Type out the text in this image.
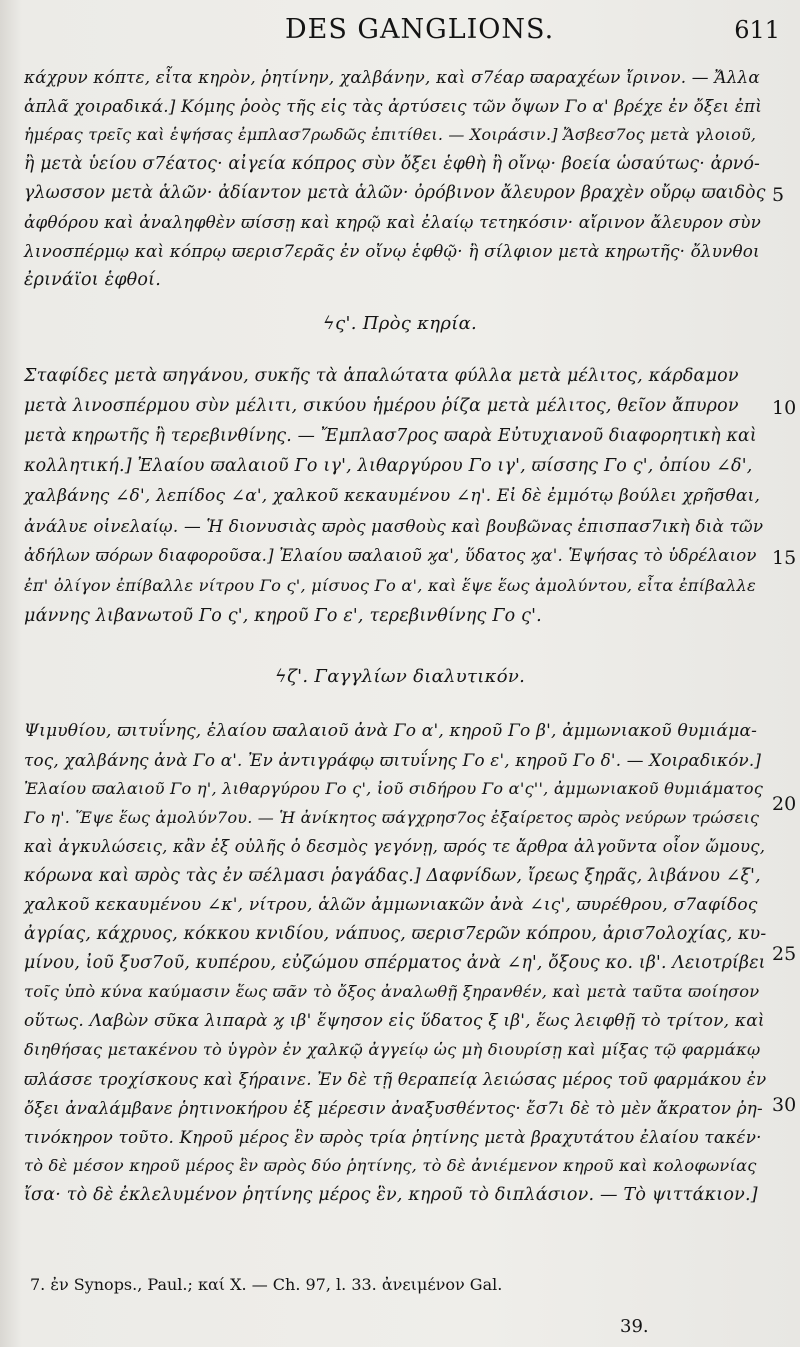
DES GANGLIONS.	611
κάχρυν κόπτε, εἶτα κηρὸν, ῥητίνην, χαλβάνην, καὶ σ7έαρ ϖαραχέων ἴρινον. — Ἄλλα
ἁπλᾶ χοιραδικά.] Κόμης ῥοὸς τῆς εἰς τὰς ἀρτύσεις τῶν ὄψων Γο α' βρέχε ἐν ὄξει ἐπὶ
ἡμέρας τρεῖς καὶ ἑψήσας ἐμπλασ7ρωδῶς ἐπιτίθει. — Χοιράσιν.] Ἄσβεσ7ος μετὰ γλοιοῦ,
ἢ μετὰ ὑείου σ7έατος· αἰγεία κόπρος σὺν ὄξει ἑφθὴ ἢ οἴνῳ· βοεία ὡσαύτως· ἀρνό-
γλωσσον μετὰ ἁλῶν· ἀδίαντον μετὰ ἁλῶν· ὀρόβινον ἄλευρον βραχὲν οὔρῳ ϖαιδὸς 5
ἀφθόρου καὶ ἀναληφθὲν ϖίσσῃ καὶ κηρῷ καὶ ἐλαίῳ τετηκόσιν· αἴρινον ἄλευρον σὺν
λινοσπέρμῳ καὶ κόπρῳ ϖερισ7ερᾶς ἐν οἴνῳ ἑφθῷ· ἢ σίλφιον μετὰ κηρωτῆς· ὄλυνθοι
ἐρινάϊοι ἑφθοί.
ϟς'. Πρὸς κηρία.
Σταφίδες μετὰ ϖηγάνου, συκῆς τὰ ἁπαλώτατα φύλλα μετὰ μέλιτος, κάρδαμον
μετὰ λινοσπέρμου σὺν μέλιτι, σικύου ἡμέρου ῥίζα μετὰ μέλιτος, θεῖον ἄπυρον	10
μετὰ κηρωτῆς ἢ τερεβινθίνης. — Ἔμπλασ7ρος ϖαρὰ Εὐτυχιανοῦ διαφορητικὴ καὶ
κολλητική.] Ἐλαίου ϖαλαιοῦ Γο ιγ', λιθαργύρου Γο ιγ', ϖίσσης Γο ς', ὀπίου ∠δ',
χαλβάνης ∠δ', λεπίδος ∠α', χαλκοῦ κεκαυμένου ∠η'. Εἰ δὲ ἐμμότῳ βούλει χρῆσθαι,
ἀνάλυε οἰνελαίῳ. — Ἡ διονυσιὰς ϖρὸς μασθοὺς καὶ βουβῶνας ἐπισπασ7ικὴ διὰ τῶν
ἀδήλων ϖόρων διαφοροῦσα.] Ἐλαίου ϖαλαιοῦ ϗα', ὕδατος ϗα'. Ἑψήσας τὸ ὑδρέλαιον 15
ἐπ' ὀλίγον ἐπίβαλλε νίτρου Γο ς', μίσυος Γο α', καὶ ἕψε ἕως ἀμολύντου, εἶτα ἐπίβαλλε
μάννης λιβανωτοῦ Γο ς', κηροῦ Γο ε', τερεβινθίνης Γο ς'.
ϟζ'. Γαγγλίων διαλυτικόν.
Ψιμυθίου, ϖιτυΐνης, ἐλαίου ϖαλαιοῦ ἀνὰ Γο α', κηροῦ Γο β', ἀμμωνιακοῦ θυμιάμα-
τος, χαλβάνης ἀνὰ Γο α'. Ἐν ἀντιγράφῳ ϖιτυΐνης Γο ε', κηροῦ Γο δ'. — Χοιραδικόν.]
Ἐλαίου ϖαλαιοῦ Γο η', λιθαργύρου Γο ς', ἰοῦ σιδήρου Γο α'ς'', ἀμμωνιακοῦ θυμιάματος
20
Γο η'. Ἕψε ἕως ἀμολύν7ου. — Ἡ ἀνίκητος ϖάγχρησ7ος ἐξαίρετος ϖρὸς νεύρων τρώσεις
καὶ ἀγκυλώσεις, κἂν ἐξ οὐλῆς ὁ δεσμὸς γεγόνῃ, ϖρός τε ἄρθρα ἀλγοῦντα οἷον ὤμους,
κόρωνα καὶ ϖρὸς τὰς ἐν ϖέλμασι ῥαγάδας.] Δαφνίδων, ἴρεως ξηρᾶς, λιβάνου ∠ξ',
χαλκοῦ κεκαυμένου ∠κ', νίτρου, ἁλῶν ἀμμωνιακῶν ἀνὰ ∠ις', ϖυρέθρου, σ7αφίδος
ἀγρίας, κάχρυος, κόκκου κνιδίου, νάπυος, ϖερισ7ερῶν κόπρου, ἀρισ7ολοχίας, κυ-
25
μίνου, ἰοῦ ξυσ7οῦ, κυπέρου, εὐζώμου σπέρματος ἀνὰ ∠η', ὄξους κο. ιβ'. Λειοτρίβει
τοῖς ὑπὸ κύνα καύμασιν ἕως ϖᾶν τὸ ὄξος ἀναλωθῇ ξηρανθέν, καὶ μετὰ ταῦτα ϖοίησον
οὕτως. Λαβὼν σῦκα λιπαρὰ ϗ ιβ' ἕψησον εἰς ὕδατος ξ ιβ', ἕως λειφθῇ τὸ τρίτον, καὶ
διηθήσας μετακένου τὸ ὑγρὸν ἐν χαλκῷ ἀγγείῳ ὡς μὴ διουρίσῃ καὶ μίξας τῷ φαρμάκῳ
ϖλάσσε τροχίσκους καὶ ξήραινε. Ἐν δὲ τῇ θεραπείᾳ λειώσας μέρος τοῦ φαρμάκου ἐν
30
ὄξει ἀναλάμβανε ῥητινοκήρου ἐξ μέρεσιν ἀναξυσθέντος· ἔσ7ι δὲ τὸ μὲν ἄκρατον ῥη-
τινόκηρον τοῦτο. Κηροῦ μέρος ἓν ϖρὸς τρία ῥητίνης μετὰ βραχυτάτου ἐλαίου τακέν·
τὸ δὲ μέσον κηροῦ μέρος ἓν ϖρὸς δύο ῥητίνης, τὸ δὲ ἀνιέμενον κηροῦ καὶ κολοφωνίας
ἴσα· τὸ δὲ ἐκλελυμένον ῥητίνης μέρος ἓν, κηροῦ τὸ διπλάσιον. — Τὸ ψιττάκιον.]
7. ἐν Synops., Paul.; καί X. — Ch. 97, l. 33. ἀνειμένον Gal.
39.
